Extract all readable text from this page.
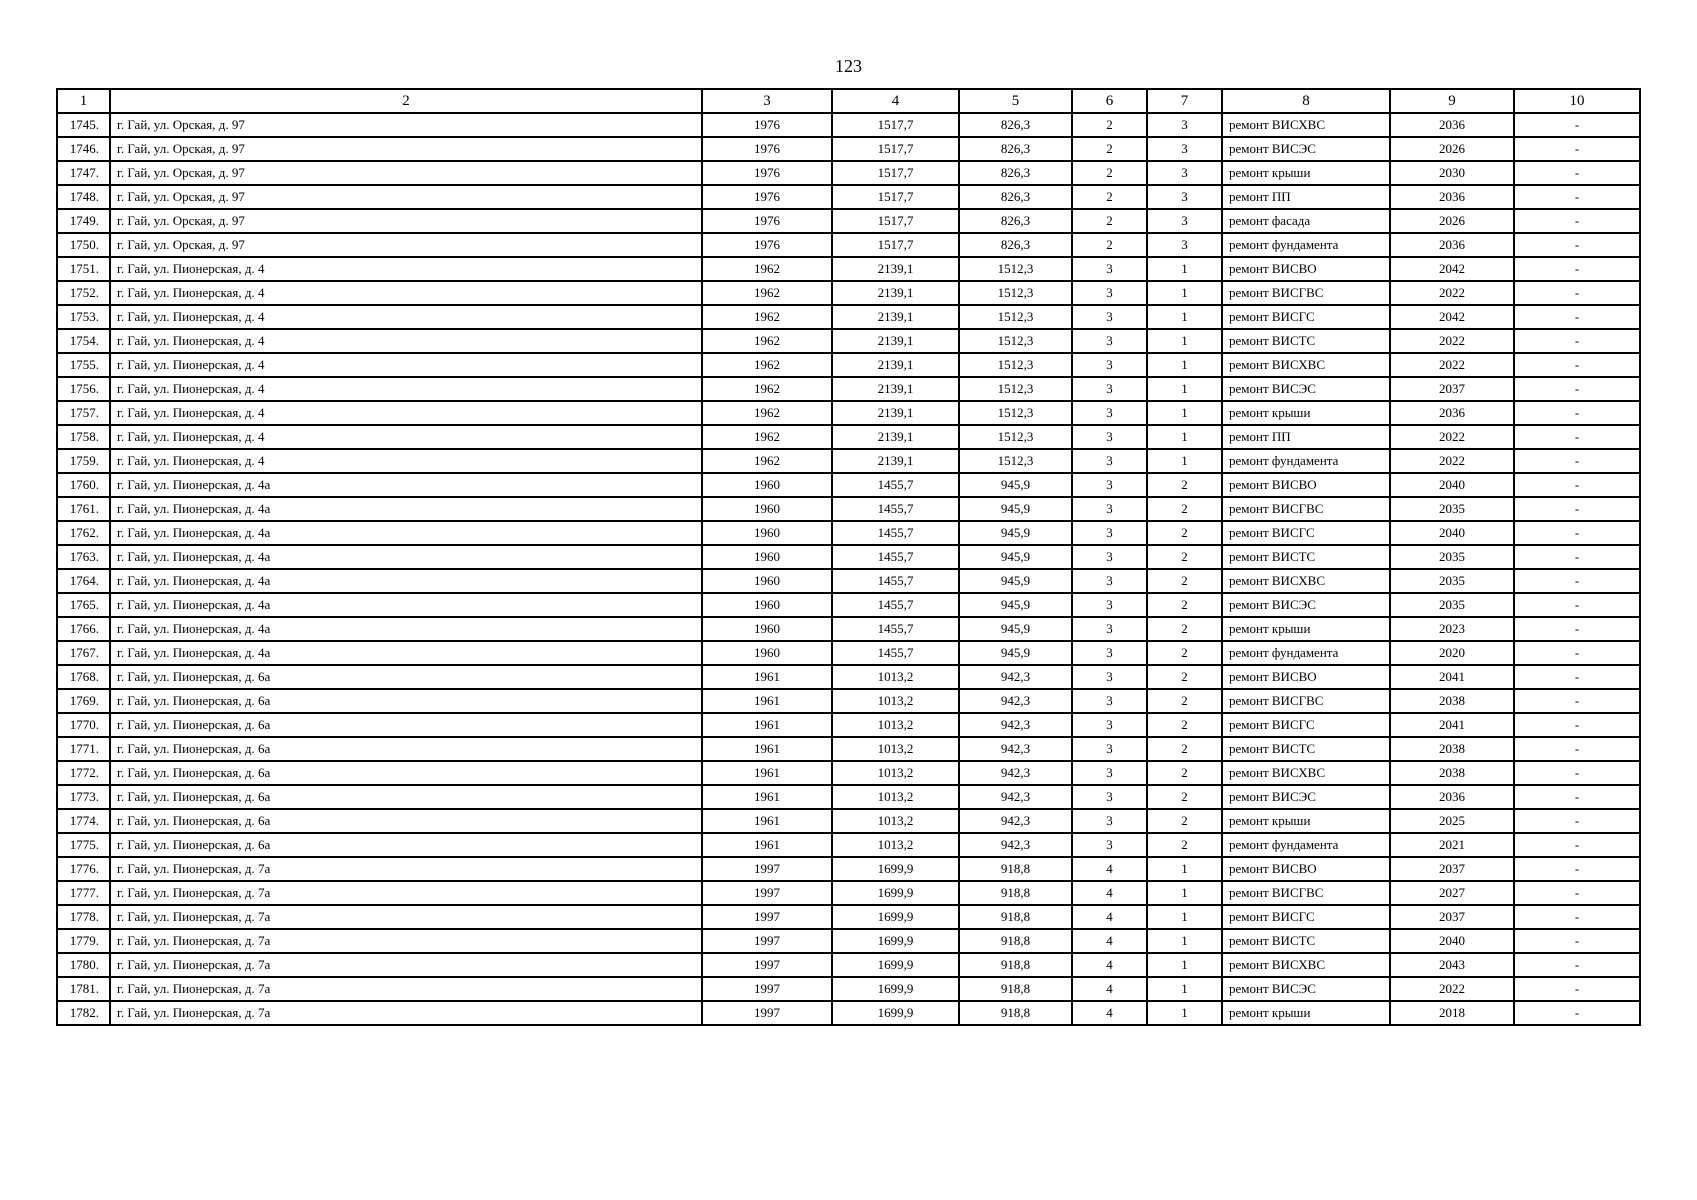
123
1	2	3	4	5	6	7	8	9	10
1745.	г. Гай, ул. Орская, д. 97	1976	1517,7	826,3	2	3	ремонт ВИСХВС	2036	-
1746.	г. Гай, ул. Орская, д. 97	1976	1517,7	826,3	2	3	ремонт ВИСЭС	2026	-
1747.	г. Гай, ул. Орская, д. 97	1976	1517,7	826,3	2	3	ремонт крыши	2030	-
1748.	г. Гай, ул. Орская, д. 97	1976	1517,7	826,3	2	3	ремонт ПП	2036	-
1749.	г. Гай, ул. Орская, д. 97	1976	1517,7	826,3	2	3	ремонт фасада	2026	-
1750.	г. Гай, ул. Орская, д. 97	1976	1517,7	826,3	2	3	ремонт фундамента	2036	-
1751.	г. Гай, ул. Пионерская, д. 4	1962	2139,1	1512,3	3	1	ремонт ВИСВО	2042	-
1752.	г. Гай, ул. Пионерская, д. 4	1962	2139,1	1512,3	3	1	ремонт ВИСГВС	2022	-
1753.	г. Гай, ул. Пионерская, д. 4	1962	2139,1	1512,3	3	1	ремонт ВИСГС	2042	-
1754.	г. Гай, ул. Пионерская, д. 4	1962	2139,1	1512,3	3	1	ремонт ВИСТС	2022	-
1755.	г. Гай, ул. Пионерская, д. 4	1962	2139,1	1512,3	3	1	ремонт ВИСХВС	2022	-
1756.	г. Гай, ул. Пионерская, д. 4	1962	2139,1	1512,3	3	1	ремонт ВИСЭС	2037	-
1757.	г. Гай, ул. Пионерская, д. 4	1962	2139,1	1512,3	3	1	ремонт крыши	2036	-
1758.	г. Гай, ул. Пионерская, д. 4	1962	2139,1	1512,3	3	1	ремонт ПП	2022	-
1759.	г. Гай, ул. Пионерская, д. 4	1962	2139,1	1512,3	3	1	ремонт фундамента	2022	-
1760.	г. Гай, ул. Пионерская, д. 4а	1960	1455,7	945,9	3	2	ремонт ВИСВО	2040	-
1761.	г. Гай, ул. Пионерская, д. 4а	1960	1455,7	945,9	3	2	ремонт ВИСГВС	2035	-
1762.	г. Гай, ул. Пионерская, д. 4а	1960	1455,7	945,9	3	2	ремонт ВИСГС	2040	-
1763.	г. Гай, ул. Пионерская, д. 4а	1960	1455,7	945,9	3	2	ремонт ВИСТС	2035	-
1764.	г. Гай, ул. Пионерская, д. 4а	1960	1455,7	945,9	3	2	ремонт ВИСХВС	2035	-
1765.	г. Гай, ул. Пионерская, д. 4а	1960	1455,7	945,9	3	2	ремонт ВИСЭС	2035	-
1766.	г. Гай, ул. Пионерская, д. 4а	1960	1455,7	945,9	3	2	ремонт крыши	2023	-
1767.	г. Гай, ул. Пионерская, д. 4а	1960	1455,7	945,9	3	2	ремонт фундамента	2020	-
1768.	г. Гай, ул. Пионерская, д. 6а	1961	1013,2	942,3	3	2	ремонт ВИСВО	2041	-
1769.	г. Гай, ул. Пионерская, д. 6а	1961	1013,2	942,3	3	2	ремонт ВИСГВС	2038	-
1770.	г. Гай, ул. Пионерская, д. 6а	1961	1013,2	942,3	3	2	ремонт ВИСГС	2041	-
1771.	г. Гай, ул. Пионерская, д. 6а	1961	1013,2	942,3	3	2	ремонт ВИСТС	2038	-
1772.	г. Гай, ул. Пионерская, д. 6а	1961	1013,2	942,3	3	2	ремонт ВИСХВС	2038	-
1773.	г. Гай, ул. Пионерская, д. 6а	1961	1013,2	942,3	3	2	ремонт ВИСЭС	2036	-
1774.	г. Гай, ул. Пионерская, д. 6а	1961	1013,2	942,3	3	2	ремонт крыши	2025	-
1775.	г. Гай, ул. Пионерская, д. 6а	1961	1013,2	942,3	3	2	ремонт фундамента	2021	-
1776.	г. Гай, ул. Пионерская, д. 7а	1997	1699,9	918,8	4	1	ремонт ВИСВО	2037	-
1777.	г. Гай, ул. Пионерская, д. 7а	1997	1699,9	918,8	4	1	ремонт ВИСГВС	2027	-
1778.	г. Гай, ул. Пионерская, д. 7а	1997	1699,9	918,8	4	1	ремонт ВИСГС	2037	-
1779.	г. Гай, ул. Пионерская, д. 7а	1997	1699,9	918,8	4	1	ремонт ВИСТС	2040	-
1780.	г. Гай, ул. Пионерская, д. 7а	1997	1699,9	918,8	4	1	ремонт ВИСХВС	2043	-
1781.	г. Гай, ул. Пионерская, д. 7а	1997	1699,9	918,8	4	1	ремонт ВИСЭС	2022	-
1782.	г. Гай, ул. Пионерская, д. 7а	1997	1699,9	918,8	4	1	ремонт крыши	2018	-
